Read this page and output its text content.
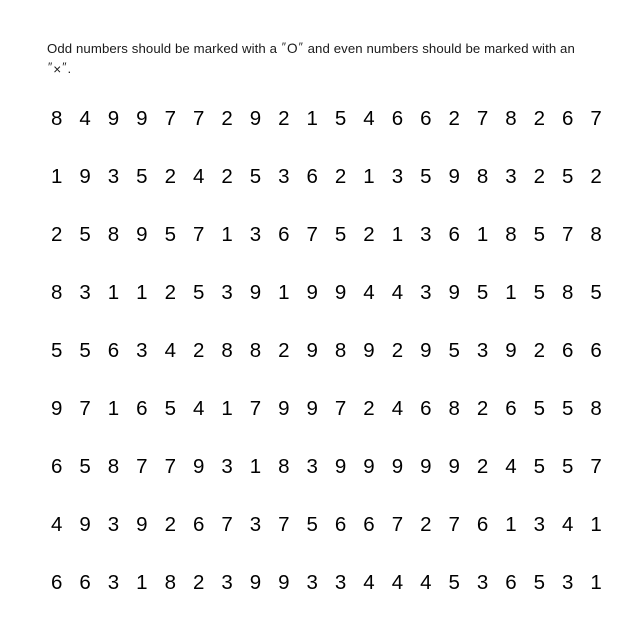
Odd numbers should be marked with a ″O″ and even numbers should be marked with an ″×″.

8 4 9 9 7 7 2 9 2 1 5 4 6 6 2 7 8 2 6 7
1 9 3 5 2 4 2 5 3 6 2 1 3 5 9 8 3 2 5 2
2 5 8 9 5 7 1 3 6 7 5 2 1 3 6 1 8 5 7 8
8 3 1 1 2 5 3 9 1 9 9 4 4 3 9 5 1 5 8 5
5 5 6 3 4 2 8 8 2 9 8 9 2 9 5 3 9 2 6 6
9 7 1 6 5 4 1 7 9 9 7 2 4 6 8 2 6 5 5 8
6 5 8 7 7 9 3 1 8 3 9 9 9 9 9 2 4 5 5 7
4 9 3 9 2 6 7 3 7 5 6 6 7 2 7 6 1 3 4 1
6 6 3 1 8 2 3 9 9 3 3 4 4 4 5 3 6 5 3 1
